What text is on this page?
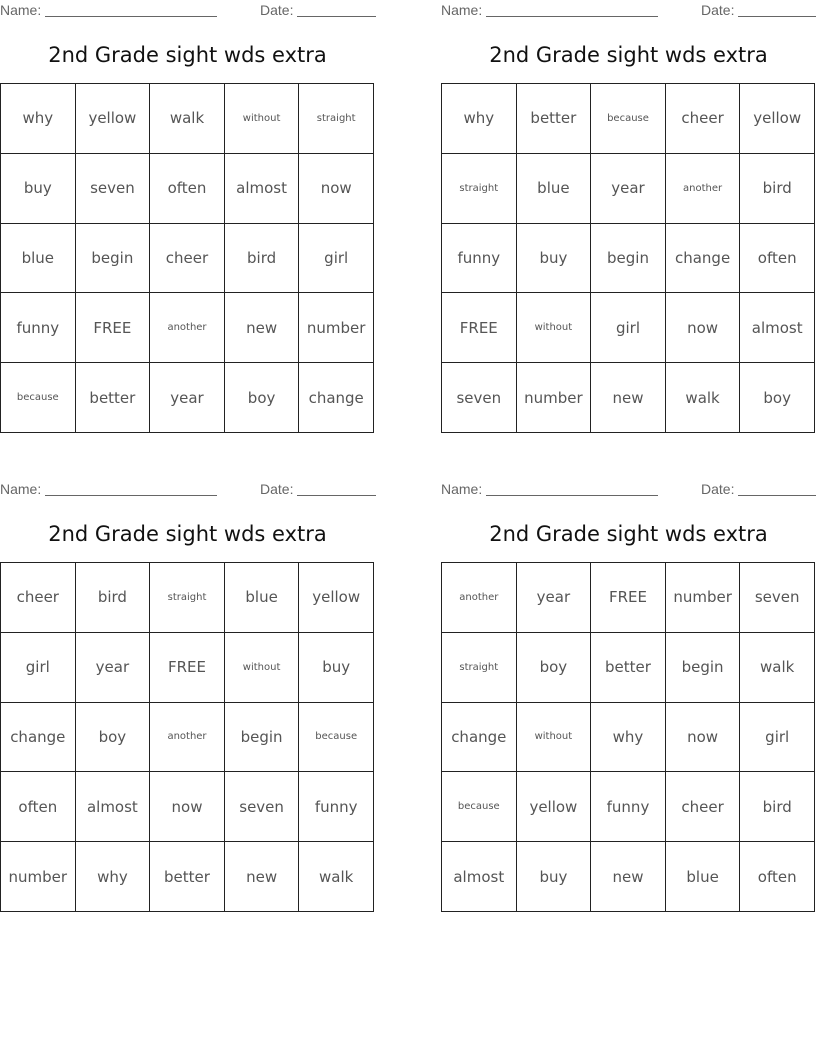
Name:	Date:
2nd Grade sight wds extra
why	yellow	walk	without	straight
buy	seven	often	almost	now
blue	begin	cheer	bird	girl
funny	FREE	another	new	number
because	better	year	boy	change
Name:	Date:
2nd Grade sight wds extra
why	better	because	cheer	yellow
straight	blue	year	another	bird
funny	buy	begin	change	often
FREE	without	girl	now	almost
seven	number	new	walk	boy
Name:	Date:
2nd Grade sight wds extra
cheer	bird	straight	blue	yellow
girl	year	FREE	without	buy
change	boy	another	begin	because
often	almost	now	seven	funny
number	why	better	new	walk
Name:	Date:
2nd Grade sight wds extra
another	year	FREE	number	seven
straight	boy	better	begin	walk
change	without	why	now	girl
because	yellow	funny	cheer	bird
almost	buy	new	blue	often
